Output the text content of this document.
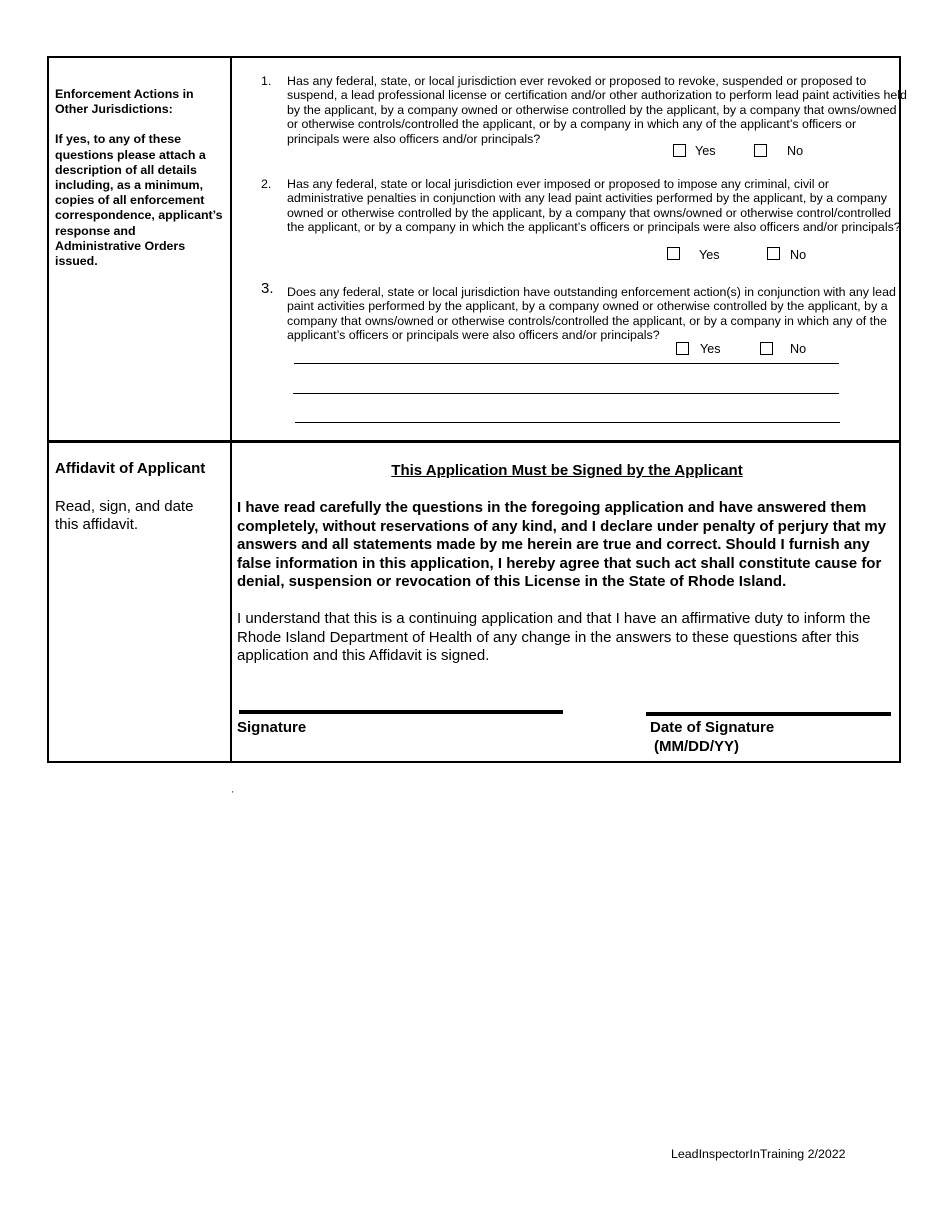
Enforcement Actions in Other Jurisdictions:

If yes, to any of these questions please attach a description of all details including, as a minimum, copies of all enforcement correspondence, applicant’s response and Administrative Orders issued.

1. Has any federal, state, or local jurisdiction ever revoked or proposed to revoke, suspended or proposed to suspend, a lead professional license or certification and/or other authorization to perform lead paint activities held by the applicant, by a company owned or otherwise controlled by the applicant, by a company that owns/owned or otherwise controls/controlled the applicant, or by a company in which any of the applicant’s officers or principals were also officers and/or principals?
Yes	No
2. Has any federal, state or local jurisdiction ever imposed or proposed to impose any criminal, civil or administrative penalties in conjunction with any lead paint activities performed by the applicant, by a company owned or otherwise controlled by the applicant, by a company that owns/owned or otherwise control/controlled the applicant, or by a company in which the applicant’s officers or principals were also officers and/or principals?
Yes	No
3. Does any federal, state or local jurisdiction have outstanding enforcement action(s) in conjunction with any lead paint activities performed by the applicant, by a company owned or otherwise controlled by the applicant, by a company that owns/owned or otherwise controls/controlled the applicant, or by a company in which any of the applicant’s officers or principals were also officers and/or principals?
Yes	No
Affidavit of Applicant
Read, sign, and date this affidavit.
This Application Must be Signed by the Applicant
I have read carefully the questions in the foregoing application and have answered them completely, without reservations of any kind, and I declare under penalty of perjury that my answers and all statements made by me herein are true and correct. Should I furnish any false information in this application, I hereby agree that such act shall constitute cause for denial, suspension or revocation of this License in the State of Rhode Island.
I understand that this is a continuing application and that I have an affirmative duty to inform the Rhode Island Department of Health of any change in the answers to these questions after this application and this Affidavit is signed.
Signature	Date of Signature
(MM/DD/YY)
'
LeadInspectorInTraining 2/2022
